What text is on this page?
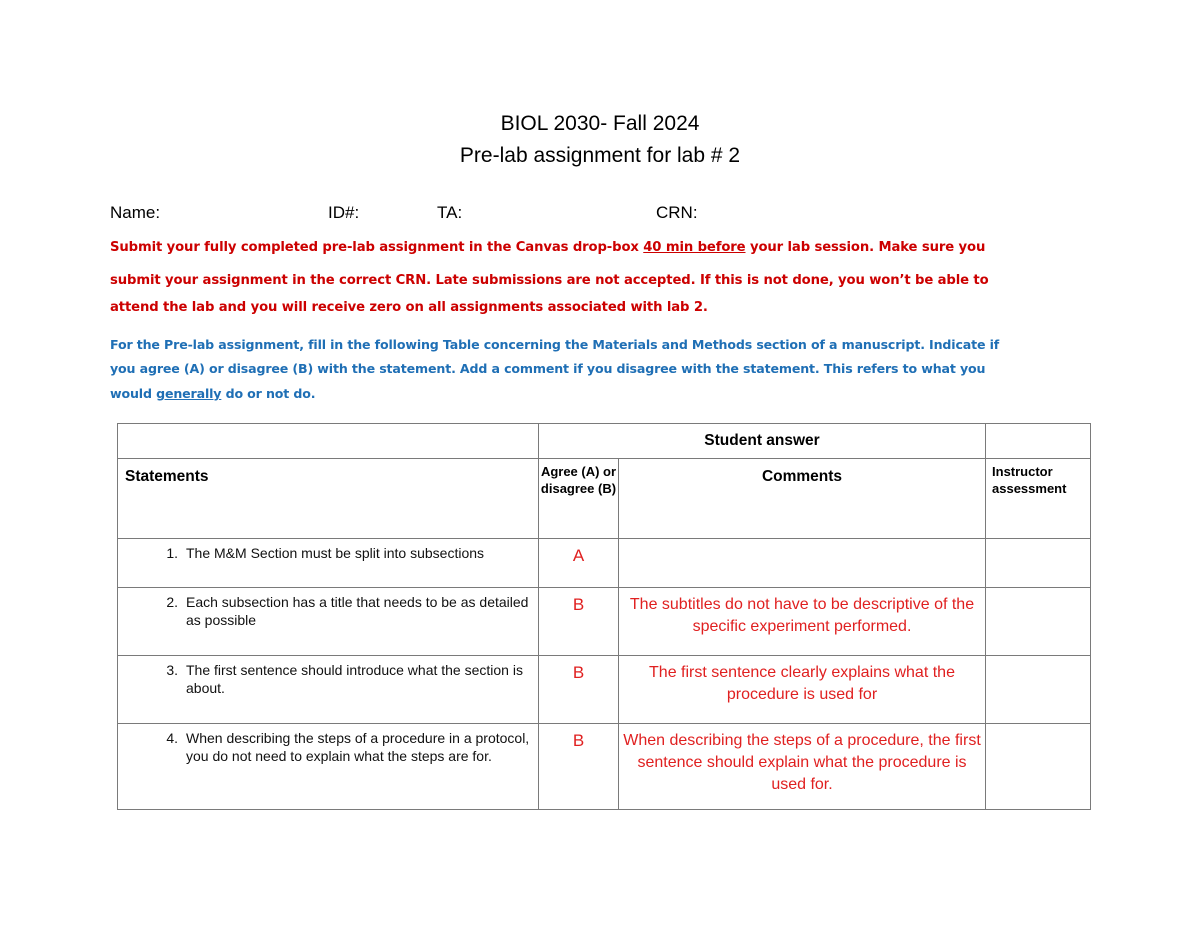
BIOL 2030- Fall 2024
Pre-lab assignment for lab # 2
Name:	ID#:	TA:	CRN:
Submit your fully completed pre-lab assignment in the Canvas drop-box 40 min before your lab session. Make sure you
submit your assignment in the correct CRN. Late submissions are not accepted. If this is not done, you won’t be able to
attend the lab and you will receive zero on all assignments associated with lab 2.
For the Pre-lab assignment, fill in the following Table concerning the Materials and Methods section of a manuscript. Indicate if
you agree (A) or disagree (B) with the statement. Add a comment if you disagree with the statement. This refers to what you
would generally do or not do.
	Student answer		
Statements	Agree (A) or disagree (B)	Comments	Instructor assessment

1. The M&M Section must be split into subsections	A		

2. Each subsection has a title that needs to be as detailed as possible	B	The subtitles do not have to be descriptive of the specific experiment performed.	

3. The first sentence should introduce what the section is about.	B	The first sentence clearly explains what the procedure is used for	

4. When describing the steps of a procedure in a protocol, you do not need to explain what the steps are for.	B	When describing the steps of a procedure, the first sentence should explain what the procedure is used for.	
